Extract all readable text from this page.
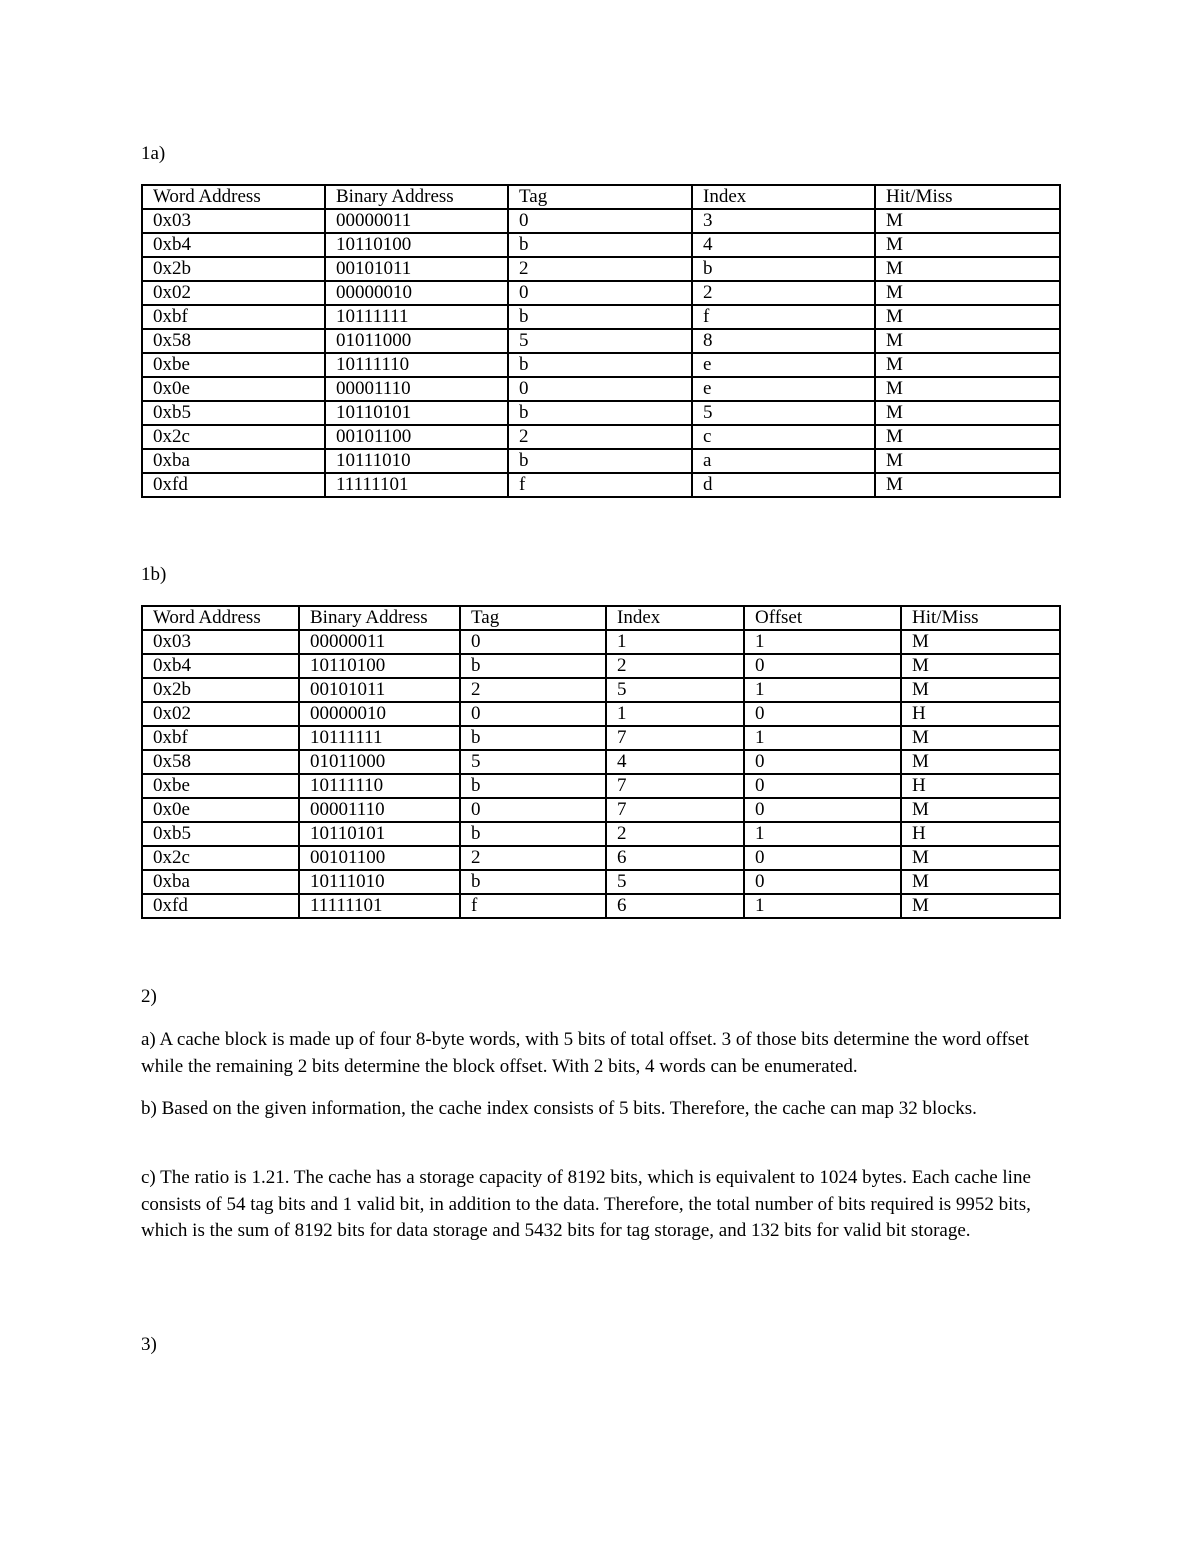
1a)
Word Address	Binary Address	Tag	Index	Hit/Miss
0x03	00000011	0	3	M
0xb4	10110100	b	4	M
0x2b	00101011	2	b	M
0x02	00000010	0	2	M
0xbf	10111111	b	f	M
0x58	01011000	5	8	M
0xbe	10111110	b	e	M
0x0e	00001110	0	e	M
0xb5	10110101	b	5	M
0x2c	00101100	2	c	M
0xba	10111010	b	a	M
0xfd	11111101	f	d	M
1b)
Word Address	Binary Address	Tag	Index	Offset	Hit/Miss
0x03	00000011	0	1	1	M
0xb4	10110100	b	2	0	M
0x2b	00101011	2	5	1	M
0x02	00000010	0	1	0	H
0xbf	10111111	b	7	1	M
0x58	01011000	5	4	0	M
0xbe	10111110	b	7	0	H
0x0e	00001110	0	7	0	M
0xb5	10110101	b	2	1	H
0x2c	00101100	2	6	0	M
0xba	10111010	b	5	0	M
0xfd	11111101	f	6	1	M
2)

a) A cache block is made up of four 8-byte words, with 5 bits of total offset. 3 of those bits determine the word offset while the remaining 2 bits determine the block offset. With 2 bits, 4 words can be enumerated.

b) Based on the given information, the cache index consists of 5 bits. Therefore, the cache can map 32 blocks.

c) The ratio is 1.21. The cache has a storage capacity of 8192 bits, which is equivalent to 1024 bytes. Each cache line consists of 54 tag bits and 1 valid bit, in addition to the data. Therefore, the total number of bits required is 9952 bits, which is the sum of 8192 bits for data storage and 5432 bits for tag storage, and 132 bits for valid bit storage.

3)
